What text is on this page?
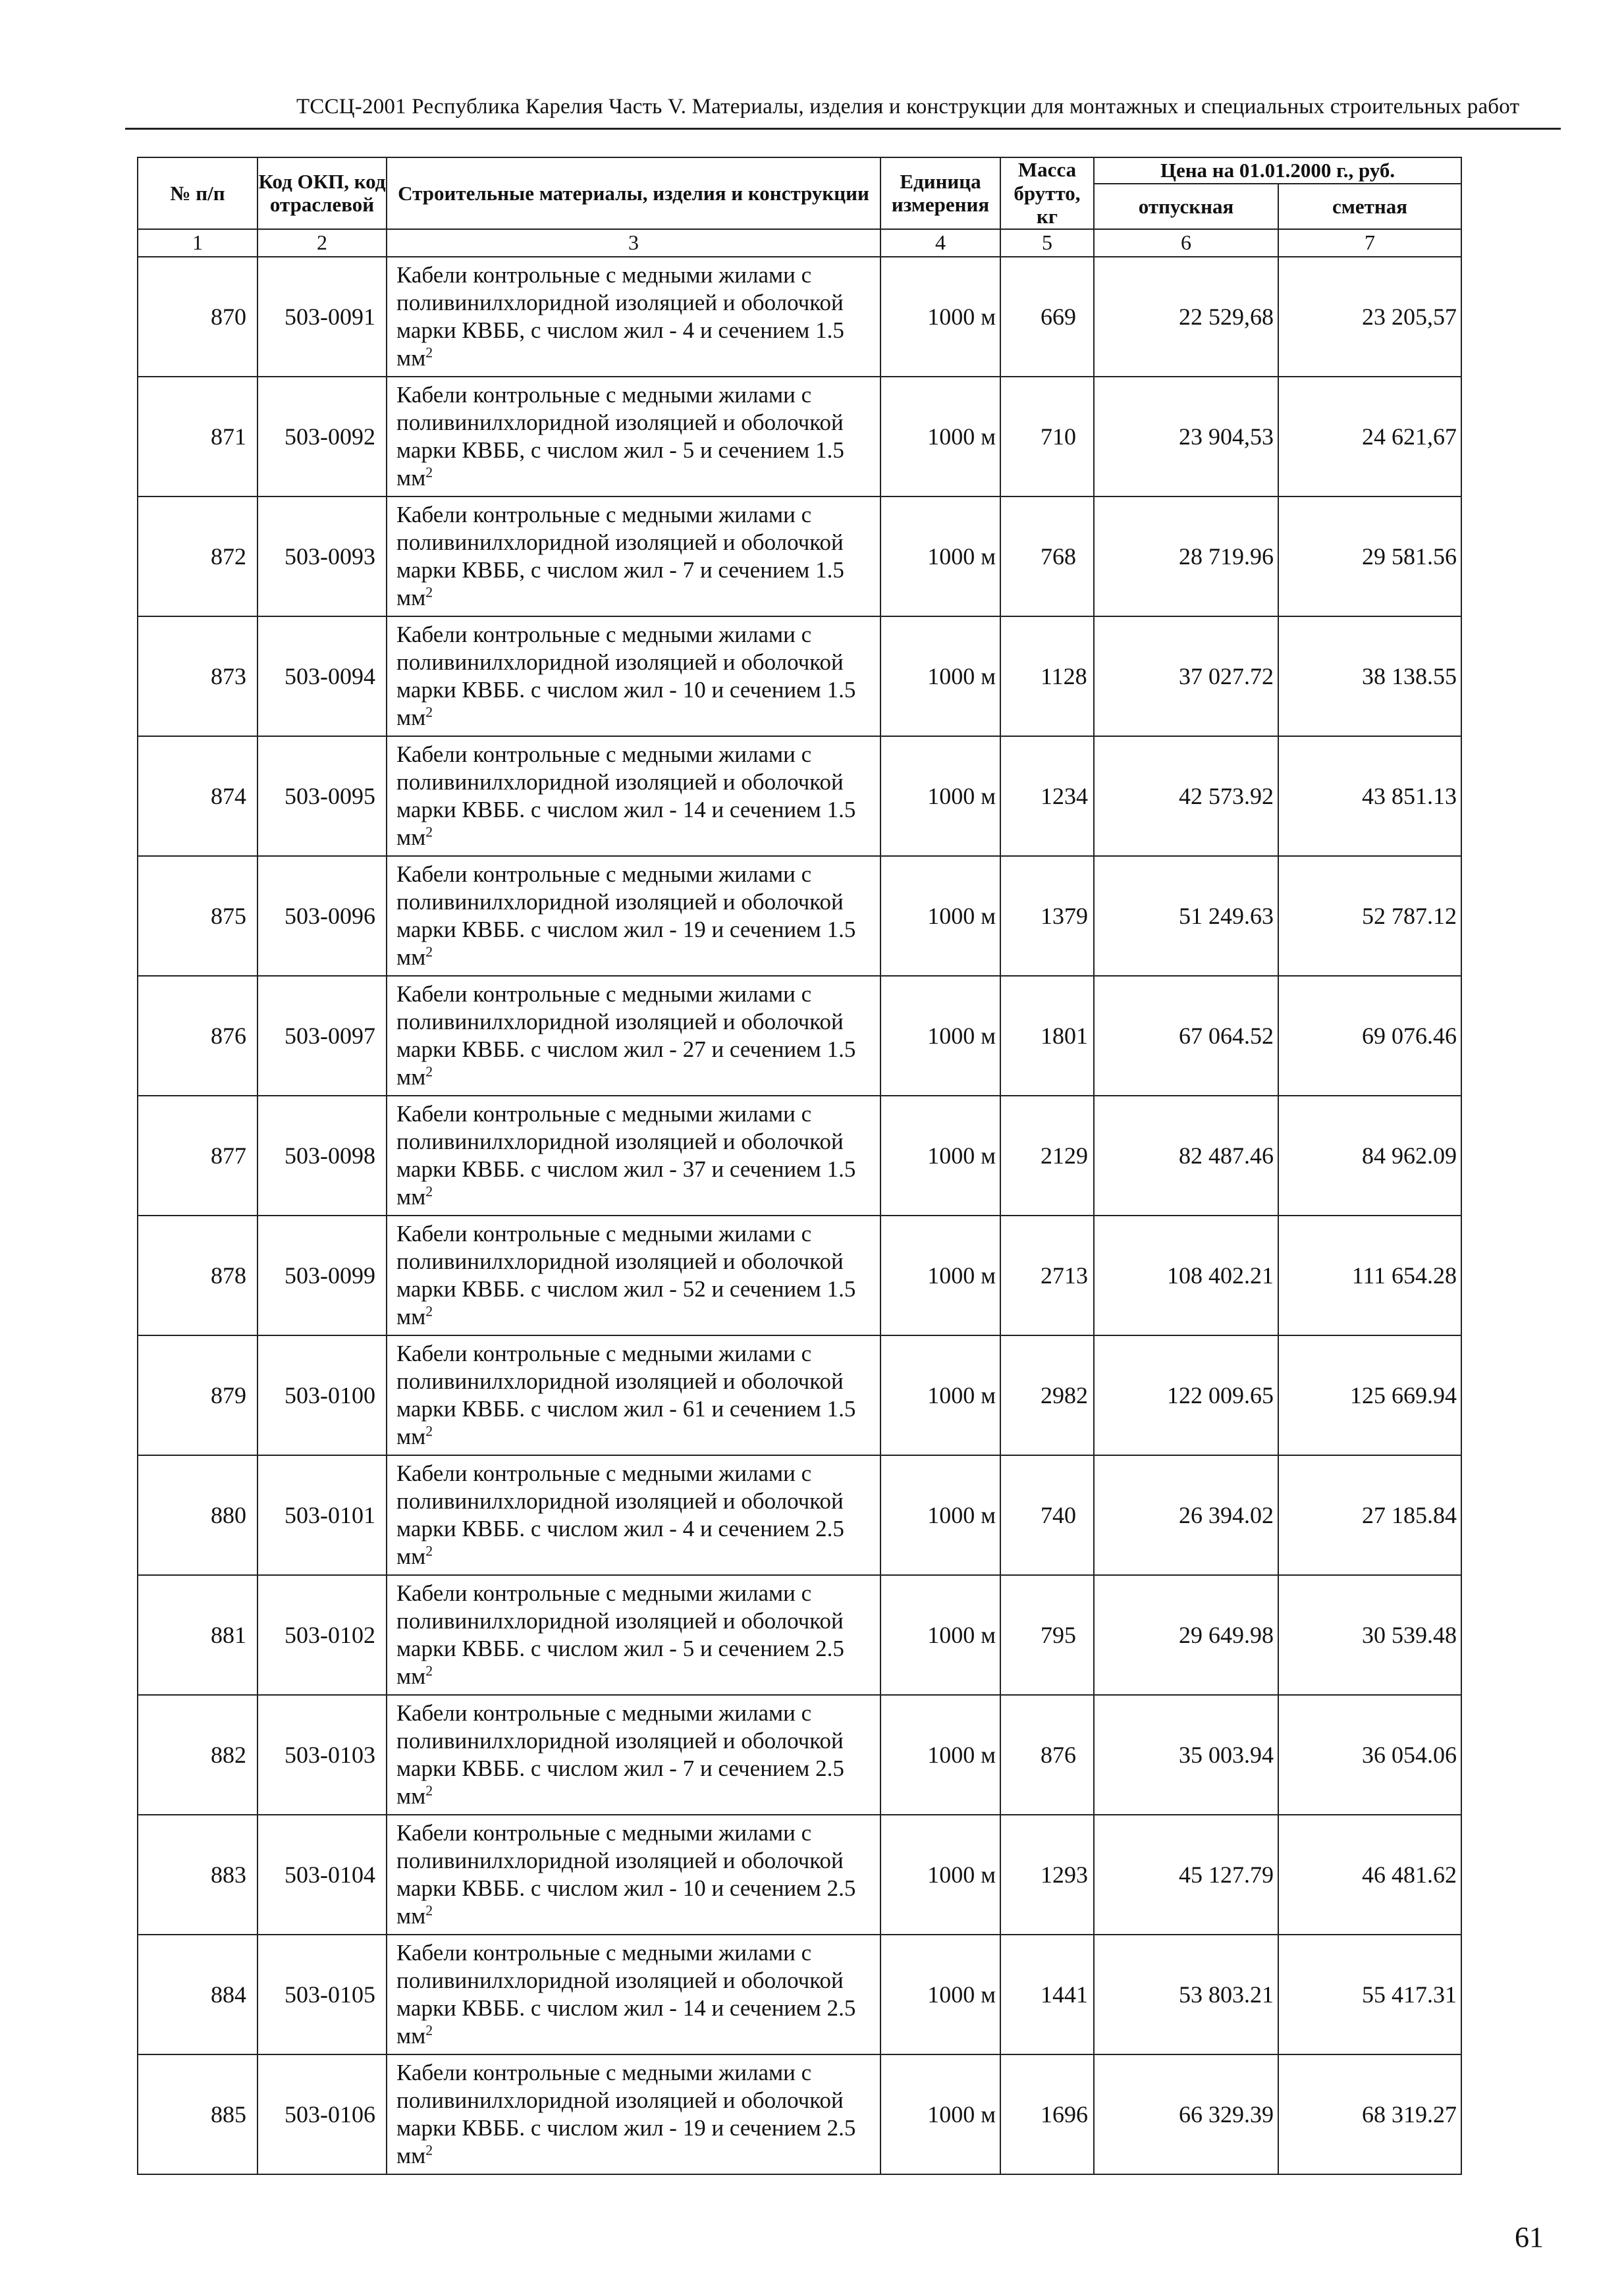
ТССЦ-2001 Республика Карелия Часть V. Материалы, изделия и конструкции для монтажных и специальных строительных работ
№ п/п	Код ОКП, код отраслевой	Строительные материалы, изделия и конструкции	Единица измерения	Масса брутто, кг	Цена на 01.01.2000 г., руб.	
					отпускная	сметная
1	2	3	4	5	6	7
870	503-0091	Кабели контрольные с медными жилами с поливинилхлоридной изоляцией и оболочкой марки КВББ, с числом жил - 4 и сечением 1.5 $мм^2$	1000 м	669	22 529,68	23 205,57
871	503-0092	Кабели контрольные с медными жилами с поливинилхлоридной изоляцией и оболочкой марки КВББ, с числом жил - 5 и сечением 1.5 $мм^2$	1000 м	710	23 904,53	24 621,67
872	503-0093	Кабели контрольные с медными жилами с поливинилхлоридной изоляцией и оболочкой марки КВББ, с числом жил - 7 и сечением 1.5 $мм^2$	1000 м	768	28 719.96	29 581.56
873	503-0094	Кабели контрольные с медными жилами с поливинилхлоридной изоляцией и оболочкой марки КВББ. с числом жил - 10 и сечением 1.5 $мм^2$	1000 м	1128	37 027.72	38 138.55
874	503-0095	Кабели контрольные с медными жилами с поливинилхлоридной изоляцией и оболочкой марки КВББ. с числом жил - 14 и сечением 1.5 $мм^2$	1000 м	1234	42 573.92	43 851.13
875	503-0096	Кабели контрольные с медными жилами с поливинилхлоридной изоляцией и оболочкой марки КВББ. с числом жил - 19 и сечением 1.5 $мм^2$	1000 м	1379	51 249.63	52 787.12
876	503-0097	Кабели контрольные с медными жилами с поливинилхлоридной изоляцией и оболочкой марки КВББ. с числом жил - 27 и сечением 1.5 $мм^2$	1000 м	1801	67 064.52	69 076.46
877	503-0098	Кабели контрольные с медными жилами с поливинилхлоридной изоляцией и оболочкой марки КВББ. с числом жил - 37 и сечением 1.5 $мм^2$	1000 м	2129	82 487.46	84 962.09
878	503-0099	Кабели контрольные с медными жилами с поливинилхлоридной изоляцией и оболочкой марки КВББ. с числом жил - 52 и сечением 1.5 $мм^2$	1000 м	2713	108 402.21	111 654.28
879	503-0100	Кабели контрольные с медными жилами с поливинилхлоридной изоляцией и оболочкой марки КВББ. с числом жил - 61 и сечением 1.5 $мм^2$	1000 м	2982	122 009.65	125 669.94
880	503-0101	Кабели контрольные с медными жилами с поливинилхлоридной изоляцией и оболочкой марки КВББ. с числом жил - 4 и сечением 2.5 $мм^2$	1000 м	740	26 394.02	27 185.84
881	503-0102	Кабели контрольные с медными жилами с поливинилхлоридной изоляцией и оболочкой марки КВББ. с числом жил - 5 и сечением 2.5 $мм^2$	1000 м	795	29 649.98	30 539.48
882	503-0103	Кабели контрольные с медными жилами с поливинилхлоридной изоляцией и оболочкой марки КВББ. с числом жил - 7 и сечением 2.5 $мм^2$	1000 м	876	35 003.94	36 054.06
883	503-0104	Кабели контрольные с медными жилами с поливинилхлоридной изоляцией и оболочкой марки КВББ. с числом жил - 10 и сечением 2.5 $мм^2$	1000 м	1293	45 127.79	46 481.62
884	503-0105	Кабели контрольные с медными жилами с поливинилхлоридной изоляцией и оболочкой марки КВББ. с числом жил - 14 и сечением 2.5 $мм^2$	1000 м	1441	53 803.21	55 417.31
885	503-0106	Кабели контрольные с медными жилами с поливинилхлоридной изоляцией и оболочкой марки КВББ. с числом жил - 19 и сечением 2.5 $мм^2$	1000 м	1696	66 329.39	68 319.27
61
